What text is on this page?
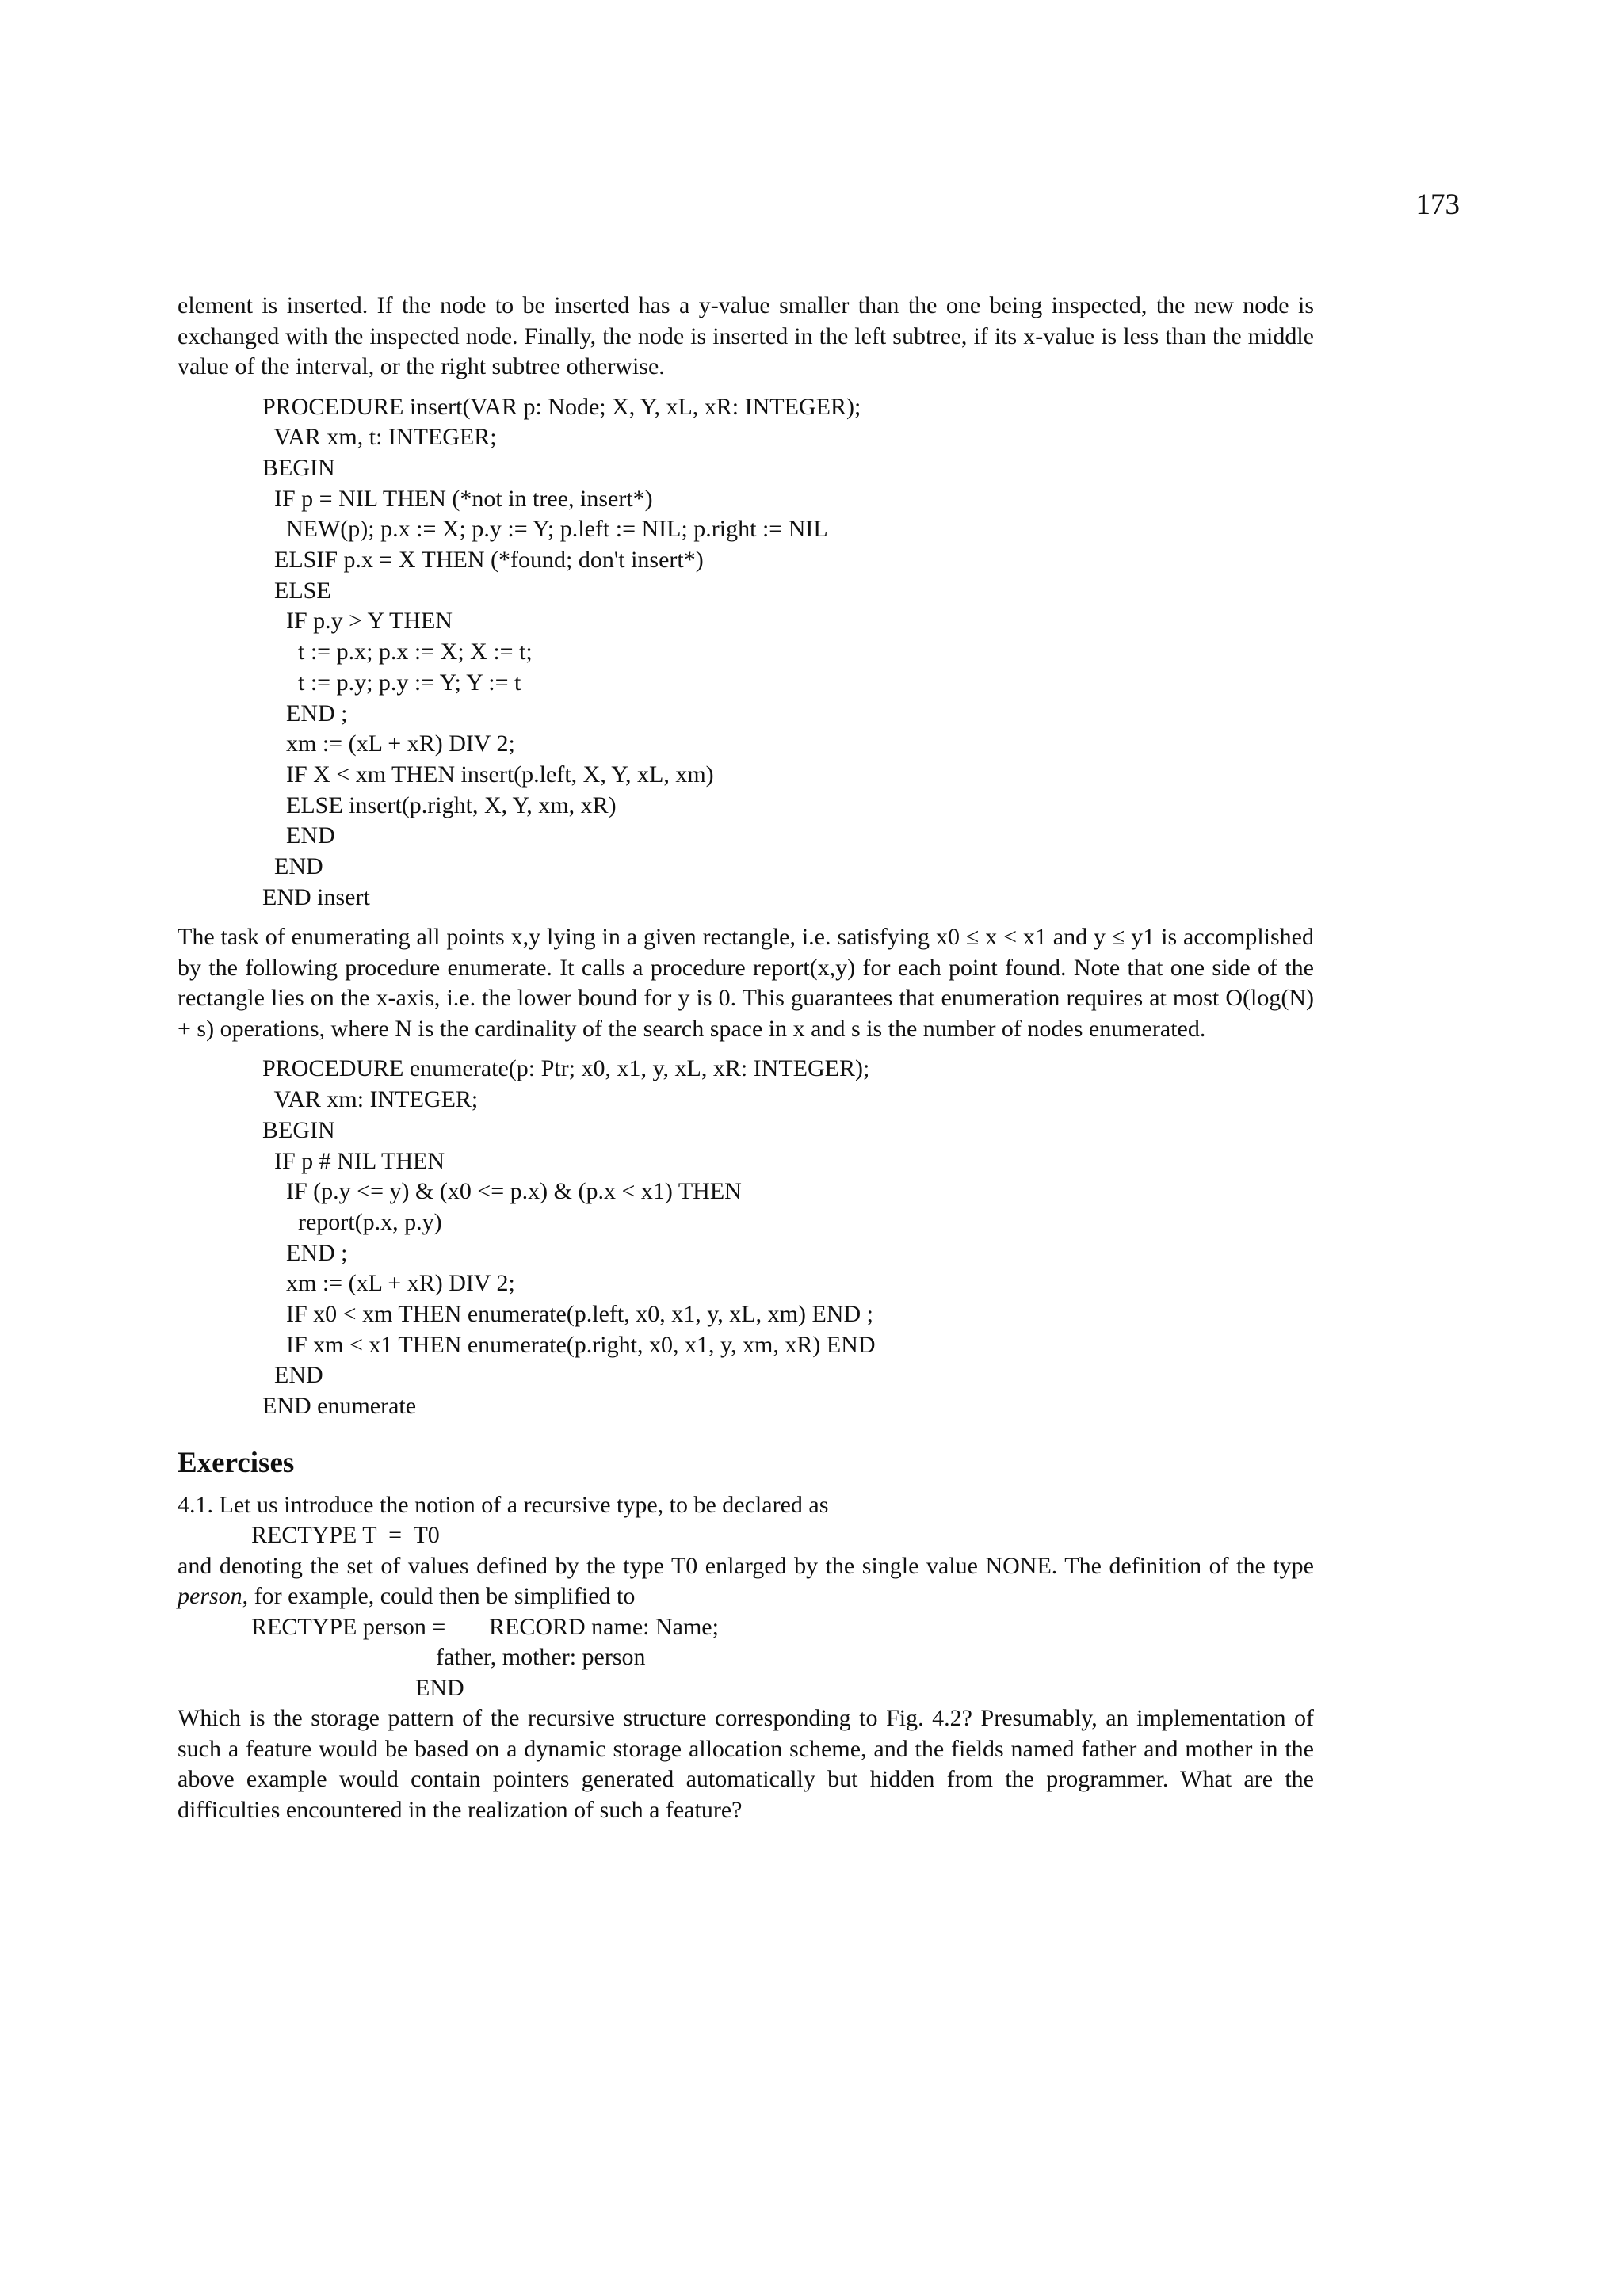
173

element is inserted. If the node to be inserted has a y-value smaller than the one being inspected, the new node is exchanged with the inspected node. Finally, the node is inserted in the left subtree, if its x-value is less than the middle value of the interval, or the right subtree otherwise.

PROCEDURE insert(VAR p: Node; X, Y, xL, xR: INTEGER);
VAR xm, t: INTEGER;
BEGIN
IF p = NIL THEN (*not in tree, insert*)
NEW(p); p.x := X; p.y := Y; p.left := NIL; p.right := NIL
ELSIF p.x = X THEN (*found; don't insert*)
ELSE
IF p.y > Y THEN
t := p.x; p.x := X; X := t;
t := p.y; p.y := Y; Y := t
END ;
xm := (xL + xR) DIV 2;
IF X < xm THEN insert(p.left, X, Y, xL, xm)
ELSE insert(p.right, X, Y, xm, xR)
END
END
END insert

The task of enumerating all points x,y lying in a given rectangle, i.e. satisfying x0 ≤ x < x1 and y ≤ y1 is accomplished by the following procedure enumerate. It calls a procedure report(x,y) for each point found. Note that one side of the rectangle lies on the x-axis, i.e. the lower bound for y is 0. This guarantees that enumeration requires at most O(log(N) + s) operations, where N is the cardinality of the search space in x and s is the number of nodes enumerated.

PROCEDURE enumerate(p: Ptr; x0, x1, y, xL, xR: INTEGER);
VAR xm: INTEGER;
BEGIN
IF p # NIL THEN
IF (p.y <= y) & (x0 <= p.x) & (p.x < x1) THEN
report(p.x, p.y)
END ;
xm := (xL + xR) DIV 2;
IF x0 < xm THEN enumerate(p.left, x0, x1, y, xL, xm) END ;
IF xm < x1 THEN enumerate(p.right, x0, x1, y, xm, xR) END
END
END enumerate
Exercises

4.1. Let us introduce the notion of a recursive type, to be declared as

RECTYPE T  =  T0

and denoting the set of values defined by the type T0 enlarged by the single value NONE. The definition of the type person, for example, could then be simplified to

RECTYPE person =	RECORD name: Name;
father, mother: person
END

Which is the storage pattern of the recursive structure corresponding to Fig. 4.2? Presumably, an implementation of such a feature would be based on a dynamic storage allocation scheme, and the fields named father and mother in the above example would contain pointers generated automatically but hidden from the programmer. What are the difficulties encountered in the realization of such a feature?
